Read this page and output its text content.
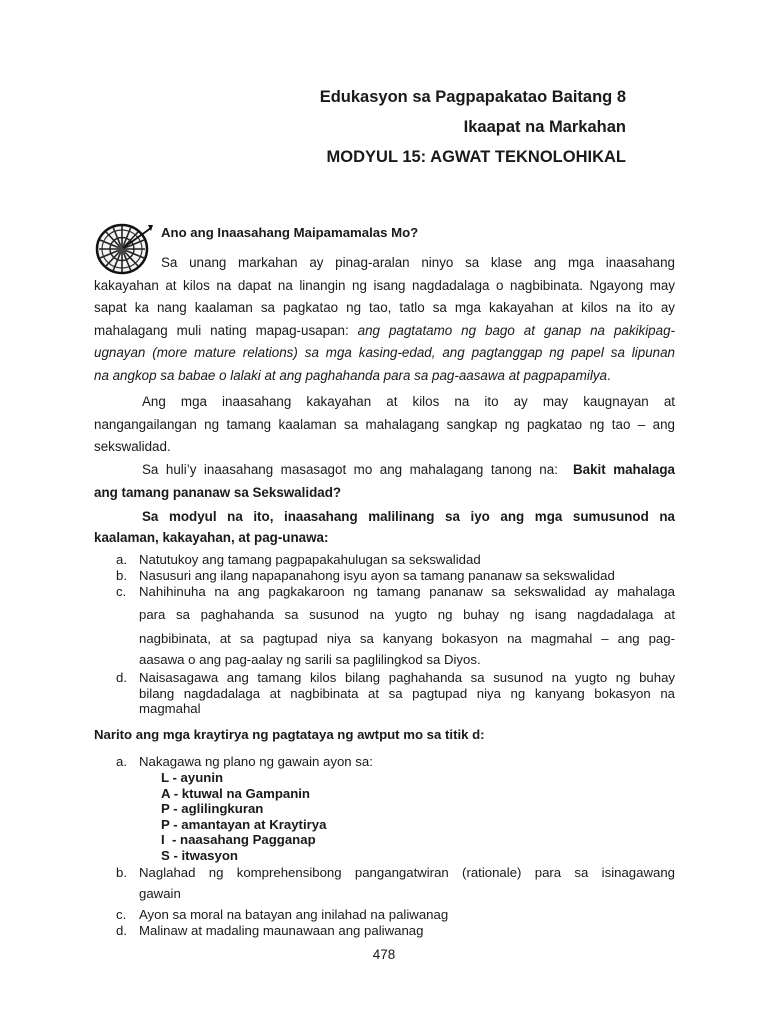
Edukasyon sa Pagpapakatao Baitang 8
Ikaapat na Markahan
MODYUL 15: AGWAT TEKNOLOHIKAL
Ano ang Inaasahang Maipamamalas Mo?

Sa unang markahan ay pinag-aralan ninyo sa klase ang mga inaasahang

kakayahan at kilos na dapat na linangin ng isang nagdadalaga o nagbibinata. Ngayong may

sapat ka nang kaalaman sa pagkatao ng tao, tatlo sa mga kakayahan at kilos na ito ay

mahalagang muli nating mapag-usapan: ang pagtatamo ng bago at ganap na pakikipag-

ugnayan (more mature relations) sa mga kasing-edad, ang pagtanggap ng papel sa lipunan

na angkop sa babae o lalaki at ang paghahanda para sa pag-aasawa at pagpapamilya.

Ang mga inaasahang kakayahan at kilos na ito ay may kaugnayan at

nangangailangan ng tamang kaalaman sa mahalagang sangkap ng pagkatao ng tao – ang

sekswalidad.

Sa huli’y inaasahang masasagot mo ang mahalagang tanong na: Bakit mahalaga

ang tamang pananaw sa Sekswalidad?

Sa modyul na ito, inaasahang malilinang sa iyo ang mga sumusunod na

kaalaman, kakayahan, at pag-unawa:

a. Natutukoy ang tamang pagpapakahulugan sa sekswalidad
b. Nasusuri ang ilang napapanahong isyu ayon sa tamang pananaw sa sekswalidad
c. Nahihinuha na ang pagkakaroon ng tamang pananaw sa sekswalidad ay mahalaga
para sa paghahanda sa susunod na yugto ng buhay ng isang nagdadalaga at
nagbibinata, at sa pagtupad niya sa kanyang bokasyon na magmahal – ang pag-
aasawa o ang pag-aalay ng sarili sa paglilingkod sa Diyos.
d. Naisasagawa ang tamang kilos bilang paghahanda sa susunod na yugto ng buhay
bilang nagdadalaga at nagbibinata at sa pagtupad niya ng kanyang bokasyon na
magmahal
Narito ang mga kraytirya ng pagtataya ng awtput mo sa titik d:
a. Nakagawa ng plano ng gawain ayon sa:
L - ayunin
A - ktuwal na Gampanin
P - aglilingkuran
P - amantayan at Kraytirya
I  - naasahang Pagganap
S - itwasyon
b. Naglahad ng komprehensibong pangangatwiran (rationale) para sa isinagawang
gawain
c. Ayon sa moral na batayan ang inilahad na paliwanag
d. Malinaw at madaling maunawaan ang paliwanag
478
